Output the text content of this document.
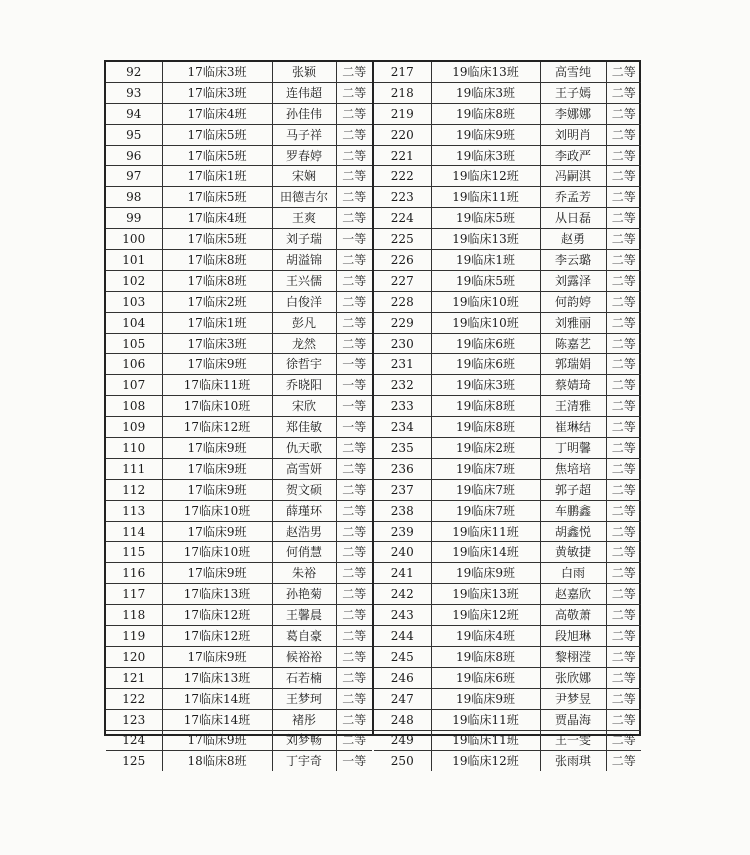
92	17临床3班	张颖	二等
93	17临床3班	连伟超	二等
94	17临床4班	孙佳伟	二等
95	17临床5班	马子祥	二等
96	17临床5班	罗春婷	二等
97	17临床1班	宋娴	二等
98	17临床5班	田德吉尔	二等
99	17临床4班	王爽	二等
100	17临床5班	刘子瑞	一等
101	17临床8班	胡溢锦	二等
102	17临床8班	王兴儒	二等
103	17临床2班	白俊洋	二等
104	17临床1班	彭凡	二等
105	17临床3班	龙然	二等
106	17临床9班	徐哲宇	一等
107	17临床11班	乔晓阳	一等
108	17临床10班	宋欣	一等
109	17临床12班	郑佳敏	一等
110	17临床9班	仇天歌	二等
111	17临床9班	高雪妍	二等
112	17临床9班	贺文硕	二等
113	17临床10班	薛瑾环	二等
114	17临床9班	赵浩男	二等
115	17临床10班	何俏慧	二等
116	17临床9班	朱裕	二等
117	17临床13班	孙艳菊	二等
118	17临床12班	王馨晨	二等
119	17临床12班	葛自豪	二等
120	17临床9班	候裕裕	二等
121	17临床13班	石若楠	二等
122	17临床14班	王梦珂	二等
123	17临床14班	褚彤	二等
124	17临床9班	刘梦畅	二等
125	18临床8班	丁宇奇	一等
217	19临床13班	高雪纯	二等
218	19临床3班	王子嫣	二等
219	19临床8班	李娜娜	二等
220	19临床9班	刘明肖	二等
221	19临床3班	李政严	二等
222	19临床12班	冯嗣淇	二等
223	19临床11班	乔孟芳	二等
224	19临床5班	从日磊	二等
225	19临床13班	赵勇	二等
226	19临床1班	李云璐	二等
227	19临床5班	刘露泽	二等
228	19临床10班	何韵婷	二等
229	19临床10班	刘雅丽	二等
230	19临床6班	陈嘉艺	二等
231	19临床6班	郭瑞娟	二等
232	19临床3班	蔡婧琦	二等
233	19临床8班	王清雅	二等
234	19临床8班	崔琳结	二等
235	19临床2班	丁明馨	二等
236	19临床7班	焦培培	二等
237	19临床7班	郭子超	二等
238	19临床7班	车鹏鑫	二等
239	19临床11班	胡鑫悦	二等
240	19临床14班	黄敏捷	二等
241	19临床9班	白雨	二等
242	19临床13班	赵嘉欣	二等
243	19临床12班	高敬萧	二等
244	19临床4班	段旭琳	二等
245	19临床8班	黎栩滢	二等
246	19临床6班	张欣娜	二等
247	19临床9班	尹梦昱	二等
248	19临床11班	贾晶海	二等
249	19临床11班	王一雯	二等
250	19临床12班	张雨琪	二等
